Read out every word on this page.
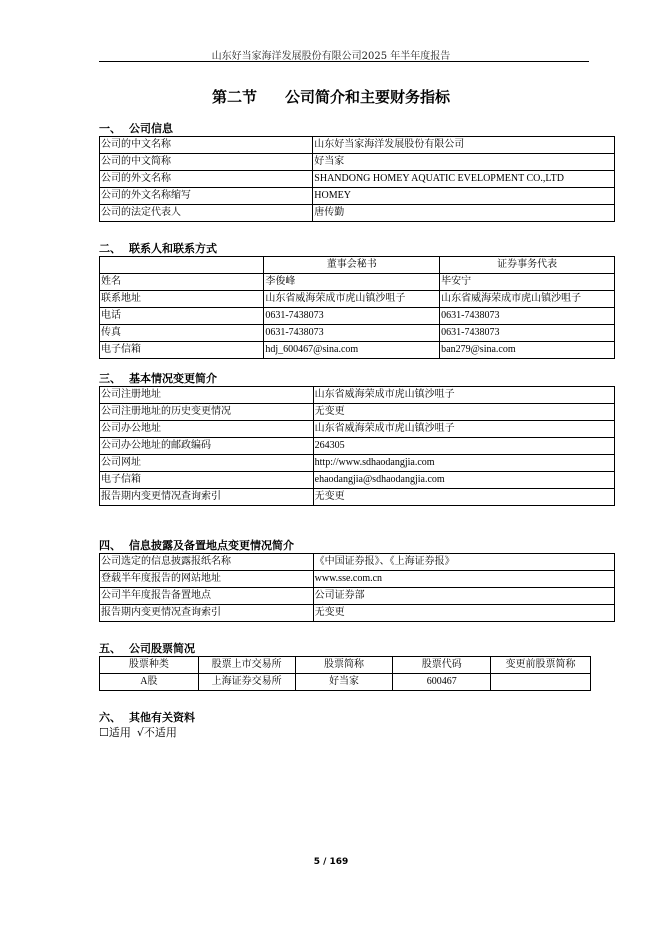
山东好当家海洋发展股份有限公司2025 年半年度报告
第二节 公司简介和主要财务指标
一、 公司信息
公司的中文名称	山东好当家海洋发展股份有限公司
公司的中文简称	好当家
公司的外文名称	SHANDONG HOMEY AQUATIC EVELOPMENT CO.,LTD
公司的外文名称缩写	HOMEY
公司的法定代表人	唐传勤
二、 联系人和联系方式
	董事会秘书	证券事务代表
姓名	李俊峰	毕安宁
联系地址	山东省威海荣成市虎山镇沙咀子	山东省威海荣成市虎山镇沙咀子
电话	0631-7438073	0631-7438073
传真	0631-7438073	0631-7438073
电子信箱	hdj_600467@sina.com	ban279@sina.com
三、 基本情况变更简介
公司注册地址	山东省威海荣成市虎山镇沙咀子
公司注册地址的历史变更情况	无变更
公司办公地址	山东省威海荣成市虎山镇沙咀子
公司办公地址的邮政编码	264305
公司网址	http://www.sdhaodangjia.com
电子信箱	ehaodangjia@sdhaodangjia.com
报告期内变更情况查询索引	无变更
四、 信息披露及备置地点变更情况简介
公司选定的信息披露报纸名称	《中国证券报》、《上海证券报》
登载半年度报告的网站地址	www.sse.com.cn
公司半年度报告备置地点	公司证券部
报告期内变更情况查询索引	无变更
五、 公司股票简况
股票种类	股票上市交易所	股票简称	股票代码	变更前股票简称
A股	上海证券交易所	好当家	600467	
六、 其他有关资料
☐适用 √不适用
5 / 169
